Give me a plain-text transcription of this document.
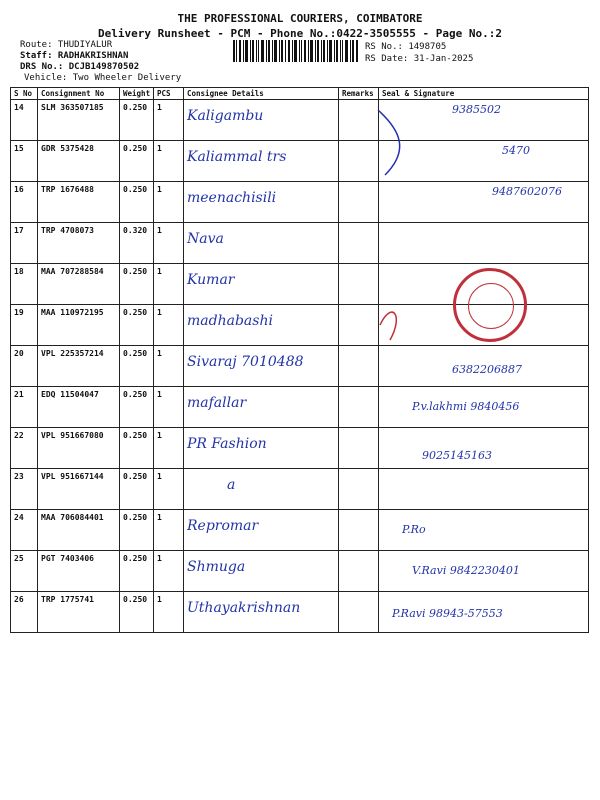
THE PROFESSIONAL COURIERS, COIMBATORE
Delivery Runsheet - PCM - Phone No.:0422-3505555 - Page No.:2
Route: THUDIYALUR
Staff: RADHAKRISHNAN
DRS No.: DCJB149870502
Vehicle: Two Wheeler Delivery
RS No.: 1498705
RS Date: 31-Jan-2025
S No	Consignment No	Weight	PCS	Consignee Details	Remarks	Seal & Signature
14	SLM 363507185	0.250	1	Kaligambu		9385502
15	GDR 5375428	0.250	1	Kaliammal trs		5470
16	TRP 1676488	0.250	1	meenachisili		9487602076
17	TRP 4708073	0.320	1	Nava		

18	MAA 707288584	0.250	1	Kumar		

19	MAA 110972195	0.250	1	madhabashi		

20	VPL 225357214	0.250	1	Sivaraj 7010488		6382206887
21	EDQ 11504047	0.250	1	mafallar		P.v.lakhmi 9840456
22	VPL 951667080	0.250	1	PR Fashion		9025145163
23	VPL 951667144	0.250	1	a		

24	MAA 706084401	0.250	1	Repromar		P.Ro
25	PGT 7403406	0.250	1	Shmuga		V.Ravi 9842230401
26	TRP 1775741	0.250	1	Uthayakrishnan		P.Ravi 98943-57553
